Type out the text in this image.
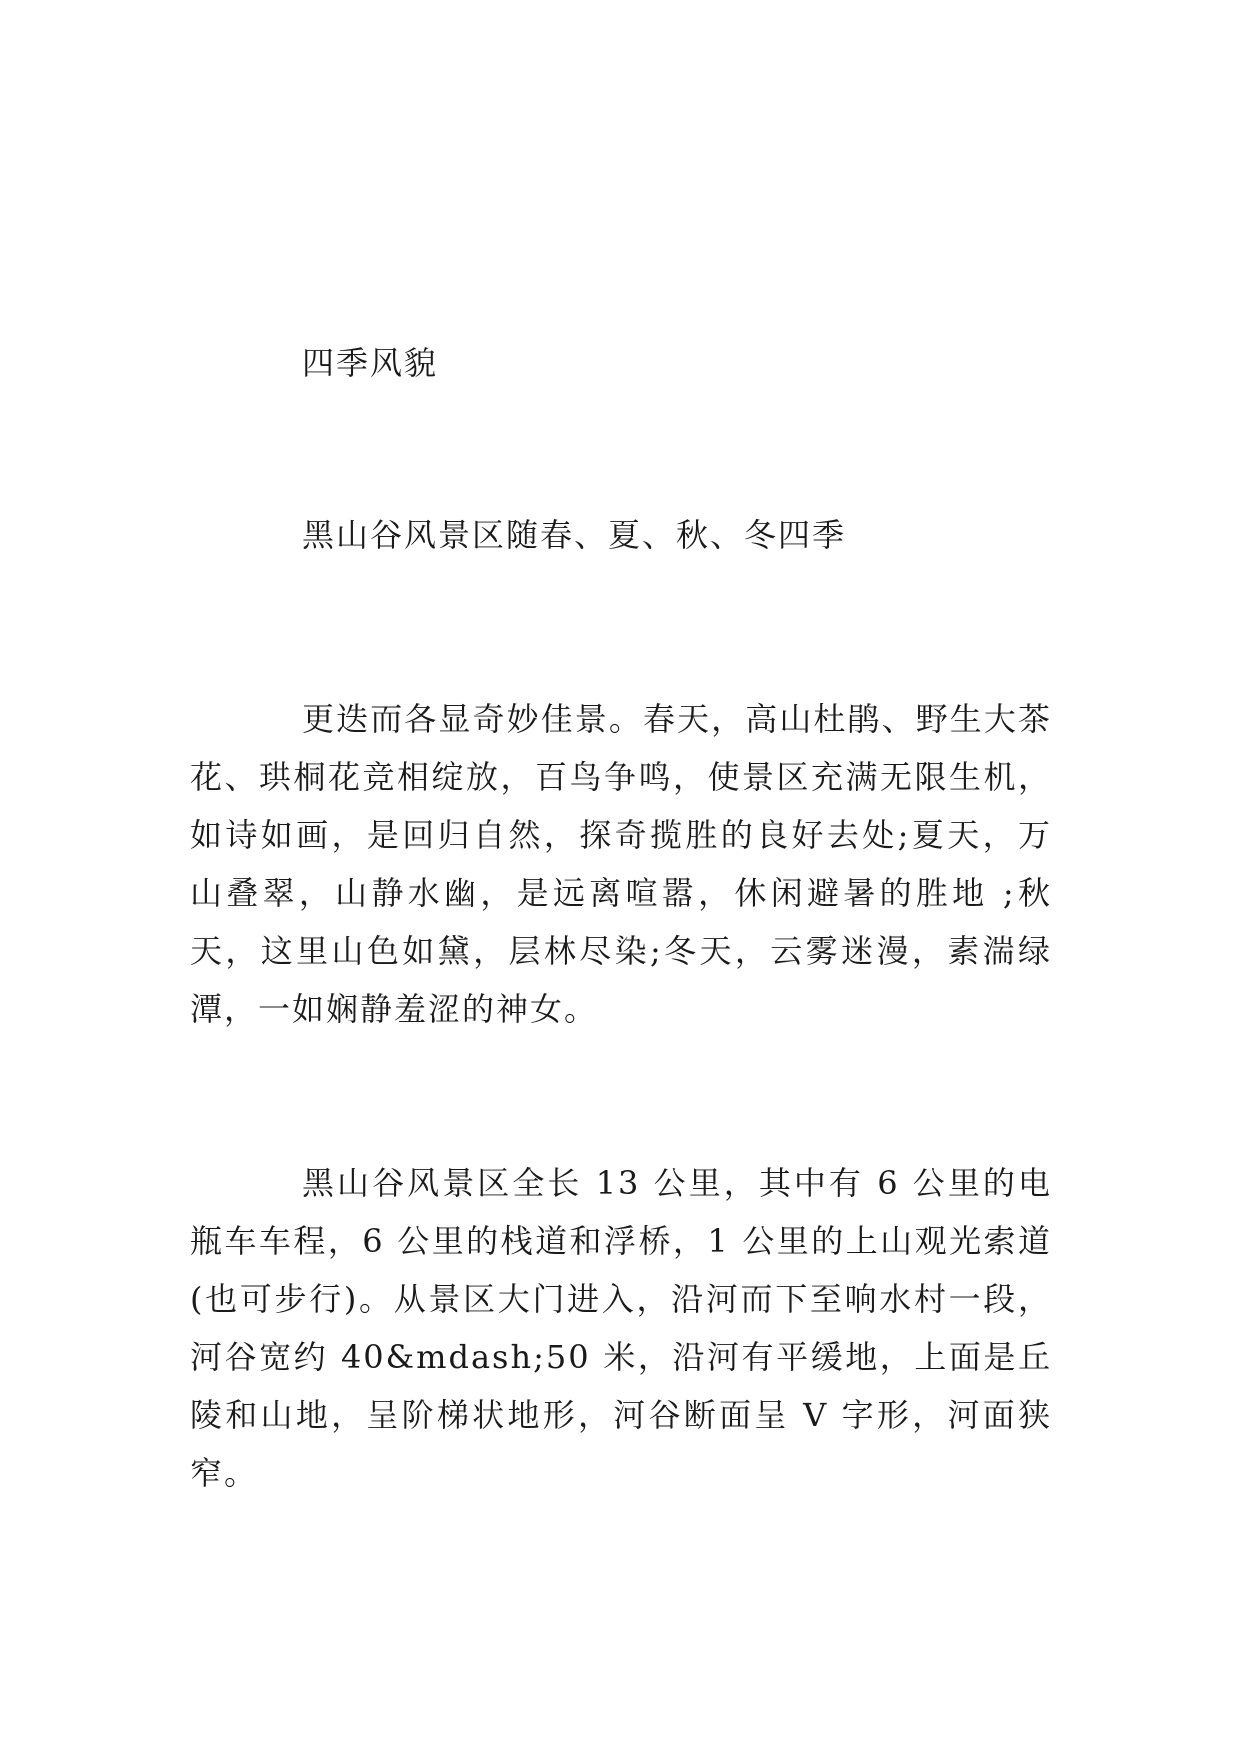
四季风貌
黑山谷风景区随春、夏、秋、冬四季

更迭而各显奇妙佳景。春天，高山杜鹃、野生大茶花、珙桐花竞相绽放，百鸟争鸣，使景区充满无限生机，如诗如画，是回归自然，探奇揽胜的良好去处;夏天，万山叠翠，山静水幽，是远离喧嚣，休闲避暑的胜地 ;秋天，这里山色如黛，层林尽染;冬天，云雾迷漫，素湍绿潭，一如娴静羞涩的神女。

黑山谷风景区全长 13 公里，其中有 6 公里的电瓶车车程，6 公里的栈道和浮桥，1 公里的上山观光索道(也可步行)。从景区大门进入，沿河而下至响水村一段，河谷宽约 40&mdash;50 米，沿河有平缓地，上面是丘陵和山地，呈阶梯状地形，河谷断面呈 V 字形，河面狭窄。
